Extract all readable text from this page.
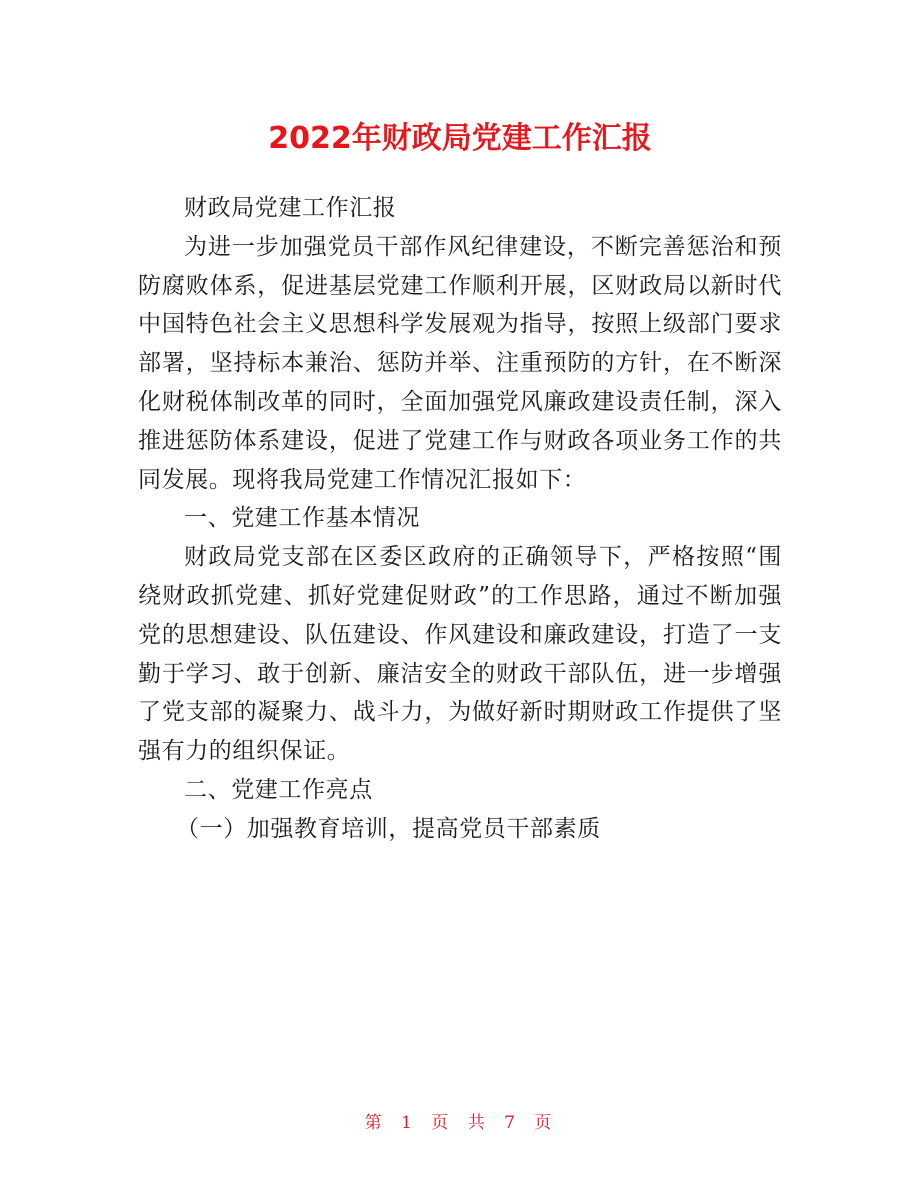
2022年财政局党建工作汇报

财政局党建工作汇报

为进一步加强党员干部作风纪律建设，不断完善惩治和预防腐败体系，促进基层党建工作顺利开展，区财政局以新时代中国特色社会主义思想科学发展观为指导，按照上级部门要求部署，坚持标本兼治、惩防并举、注重预防的方针，在不断深化财税体制改革的同时，全面加强党风廉政建设责任制，深入推进惩防体系建设，促进了党建工作与财政各项业务工作的共同发展。现将我局党建工作情况汇报如下：

一、党建工作基本情况

财政局党支部在区委区政府的正确领导下，严格按照“围绕财政抓党建、抓好党建促财政”的工作思路，通过不断加强党的思想建设、队伍建设、作风建设和廉政建设，打造了一支勤于学习、敢于创新、廉洁安全的财政干部队伍，进一步增强了党支部的凝聚力、战斗力，为做好新时期财政工作提供了坚强有力的组织保证。

二、党建工作亮点

（一）加强教育培训，提高党员干部素质

第 1 页 共 7 页
